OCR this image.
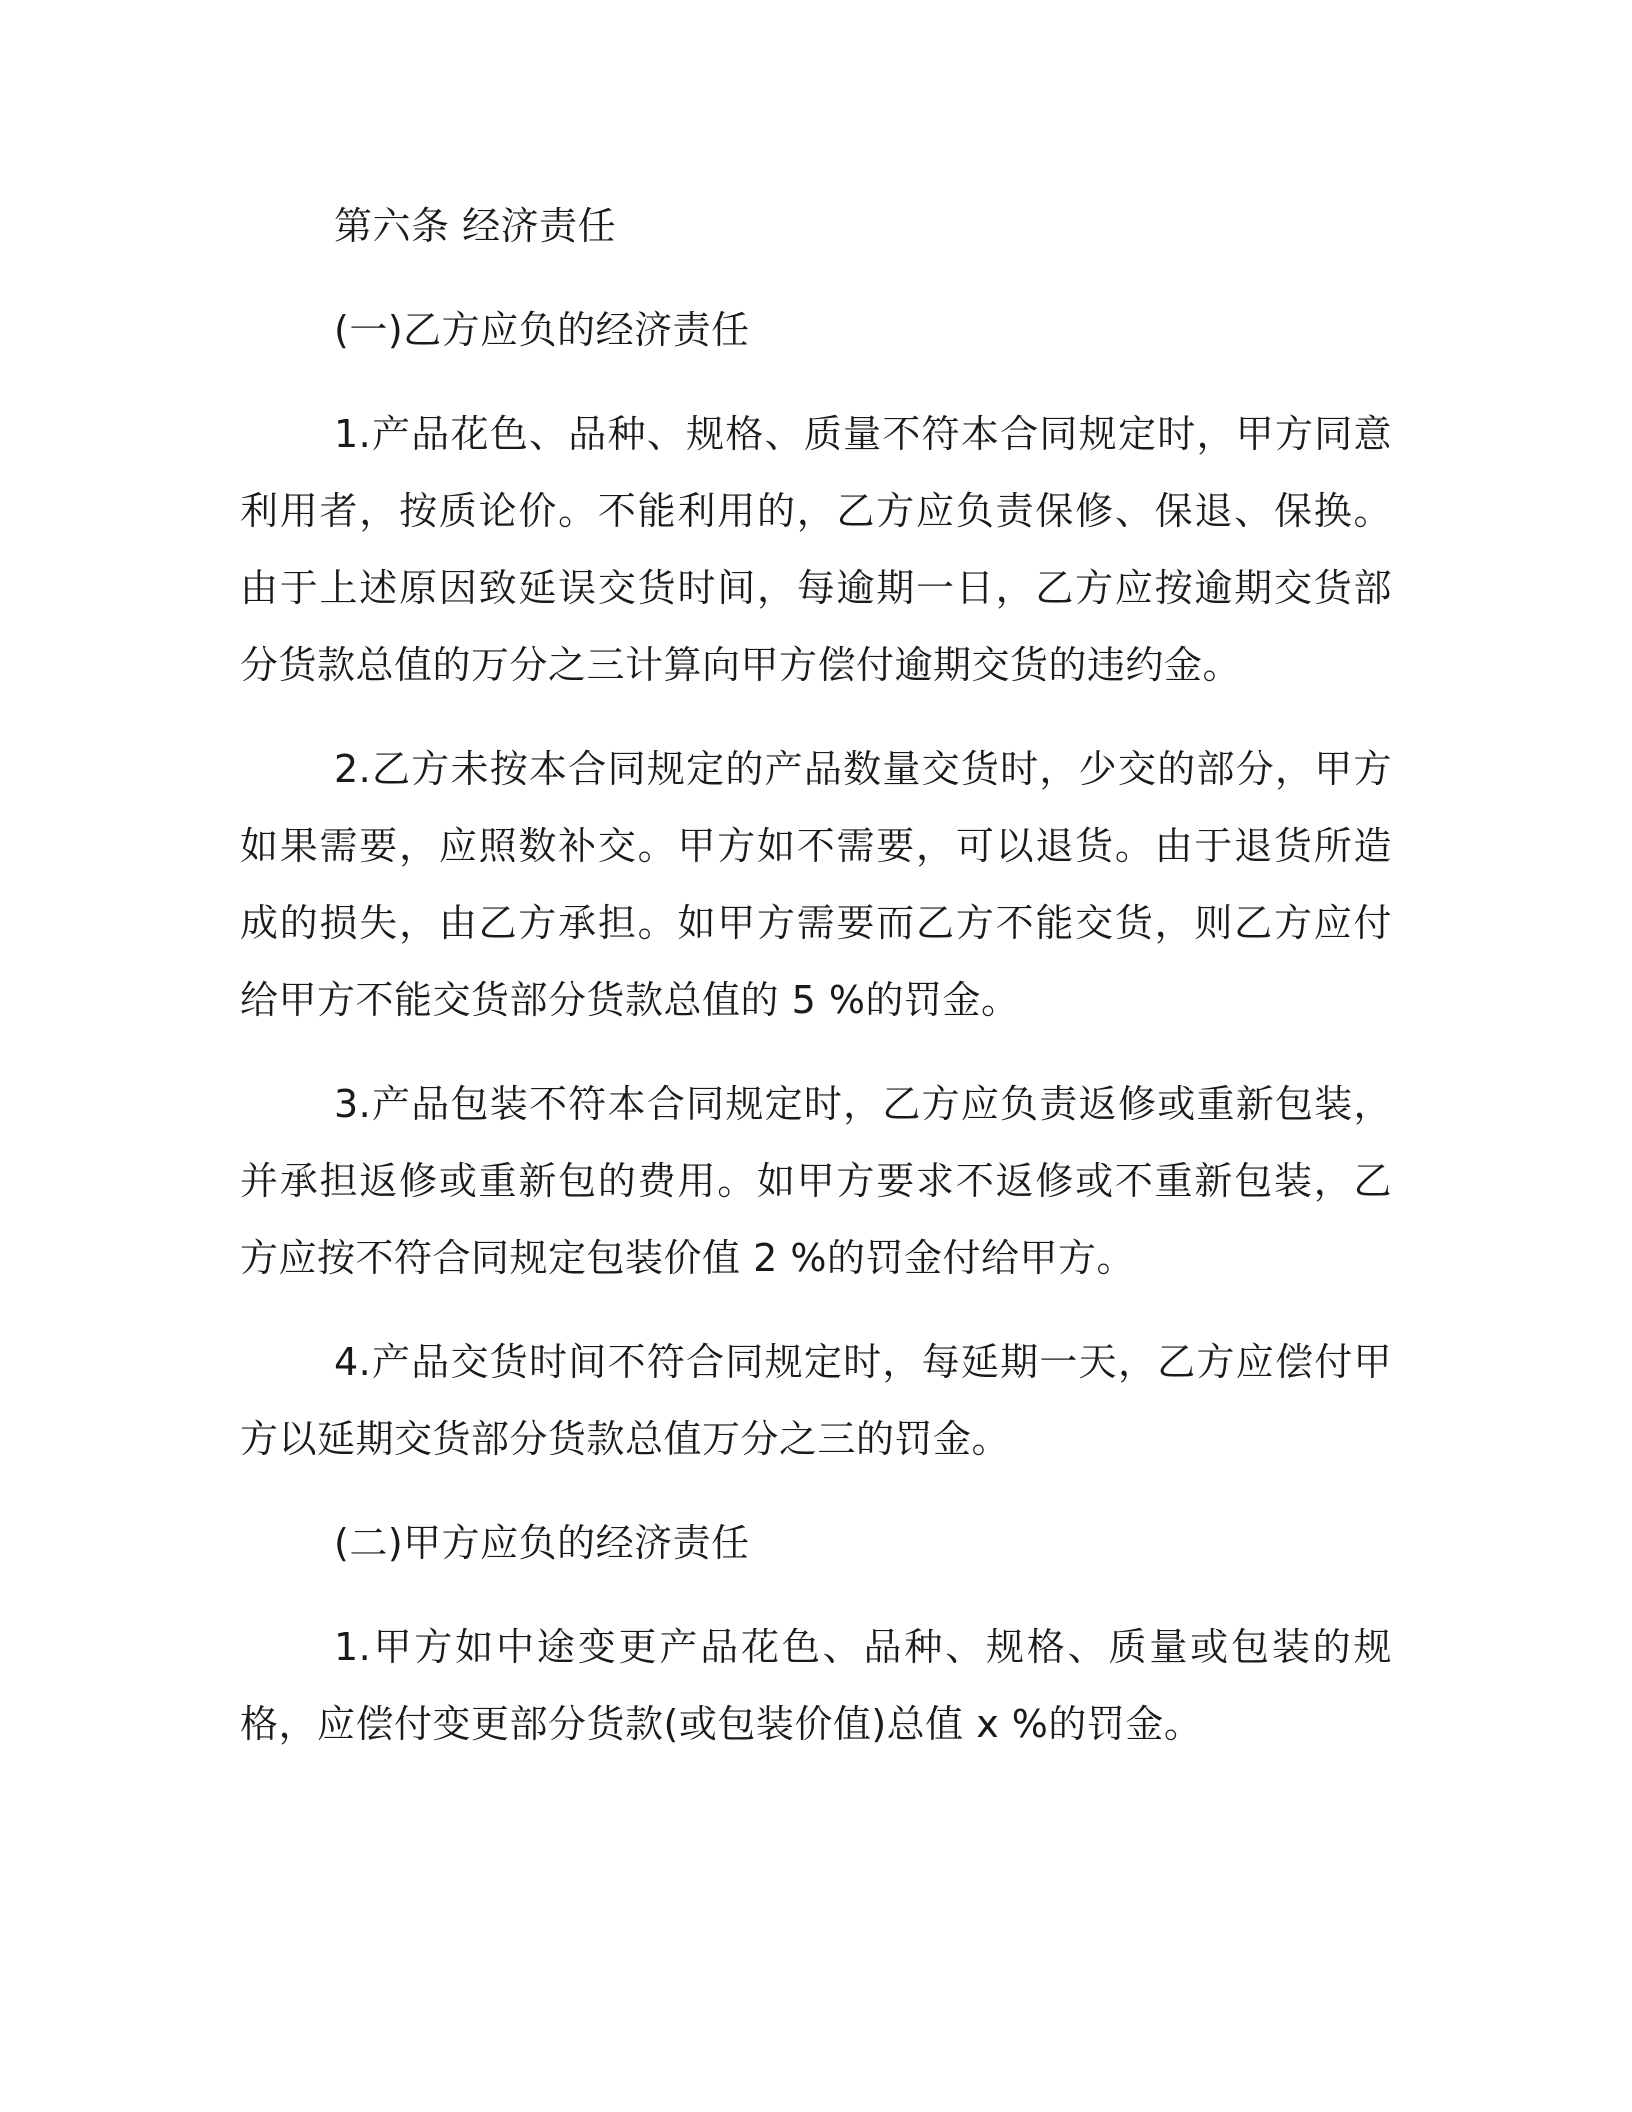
第六条 经济责任

(一)乙方应负的经济责任

1.产品花色、品种、规格、质量不符本合同规定时，甲方同意利用者，按质论价。不能利用的，乙方应负责保修、保退、保换。由于上述原因致延误交货时间，每逾期一日，乙方应按逾期交货部分货款总值的万分之三计算向甲方偿付逾期交货的违约金。

2.乙方未按本合同规定的产品数量交货时，少交的部分，甲方如果需要，应照数补交。甲方如不需要，可以退货。由于退货所造成的损失，由乙方承担。如甲方需要而乙方不能交货，则乙方应付给甲方不能交货部分货款总值的 5 %的罚金。

3.产品包装不符本合同规定时，乙方应负责返修或重新包装，并承担返修或重新包的费用。如甲方要求不返修或不重新包装，乙方应按不符合同规定包装价值 2 %的罚金付给甲方。

4.产品交货时间不符合同规定时，每延期一天，乙方应偿付甲方以延期交货部分货款总值万分之三的罚金。

(二)甲方应负的经济责任

1.甲方如中途变更产品花色、品种、规格、质量或包装的规格，应偿付变更部分货款(或包装价值)总值 x %的罚金。
